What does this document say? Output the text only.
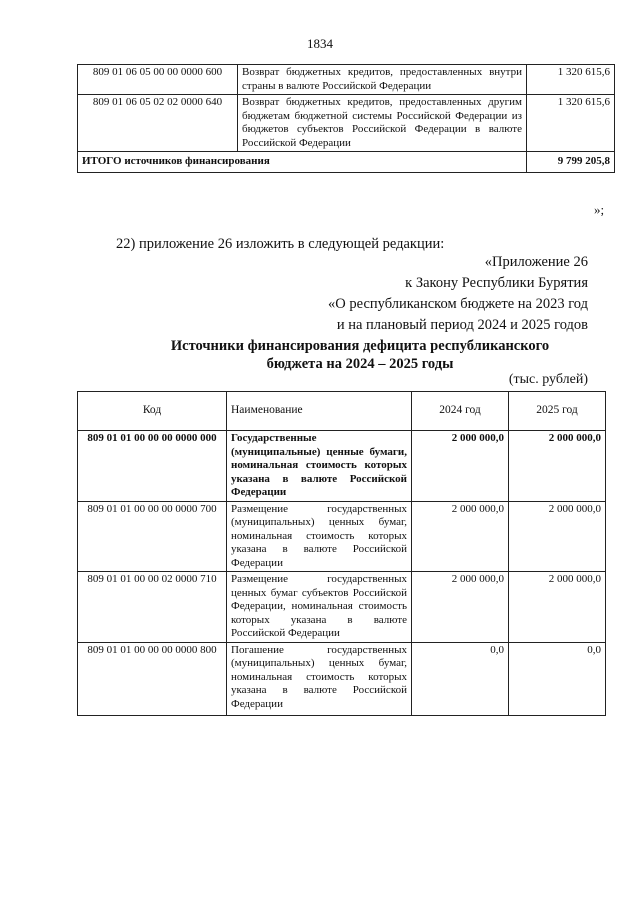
1834
809 01 06 05 00 00 0000 600	Возврат бюджетных кредитов, предоставленных внутри страны в валюте Российской Федерации	1 320 615,6
809 01 06 05 02 02 0000 640	Возврат бюджетных кредитов, предоставленных другим бюджетам бюджетной системы Российской Федерации из бюджетов субъектов Российской Федерации в валюте Российской Федерации	1 320 615,6
ИТОГО источников финансирования		9 799 205,8
»;
22) приложение 26 изложить в следующей редакции:
«Приложение 26
к Закону Республики Бурятия
«О республиканском бюджете на 2023 год
и на плановый период 2024 и 2025 годов
Источники финансирования дефицита республиканского
бюджета на 2024 – 2025 годы
(тыс. рублей)
Код	Наименование	2024 год	2025 год
809 01 01 00 00 00 0000 000	Государственные (муниципальные) ценные бумаги, номинальная стоимость которых указана в валюте Российской Федерации	2 000 000,0	2 000 000,0
809 01 01 00 00 00 0000 700	Размещение государственных (муниципальных) ценных бумаг, номинальная стоимость которых указана в валюте Российской Федерации	2 000 000,0	2 000 000,0
809 01 01 00 00 02 0000 710	Размещение государственных ценных бумаг субъектов Российской Федерации, номинальная стоимость которых указана в валюте Российской Федерации	2 000 000,0	2 000 000,0
809 01 01 00 00 00 0000 800	Погашение государственных (муниципальных) ценных бумаг, номинальная стоимость которых указана в валюте Российской Федерации	0,0	0,0
